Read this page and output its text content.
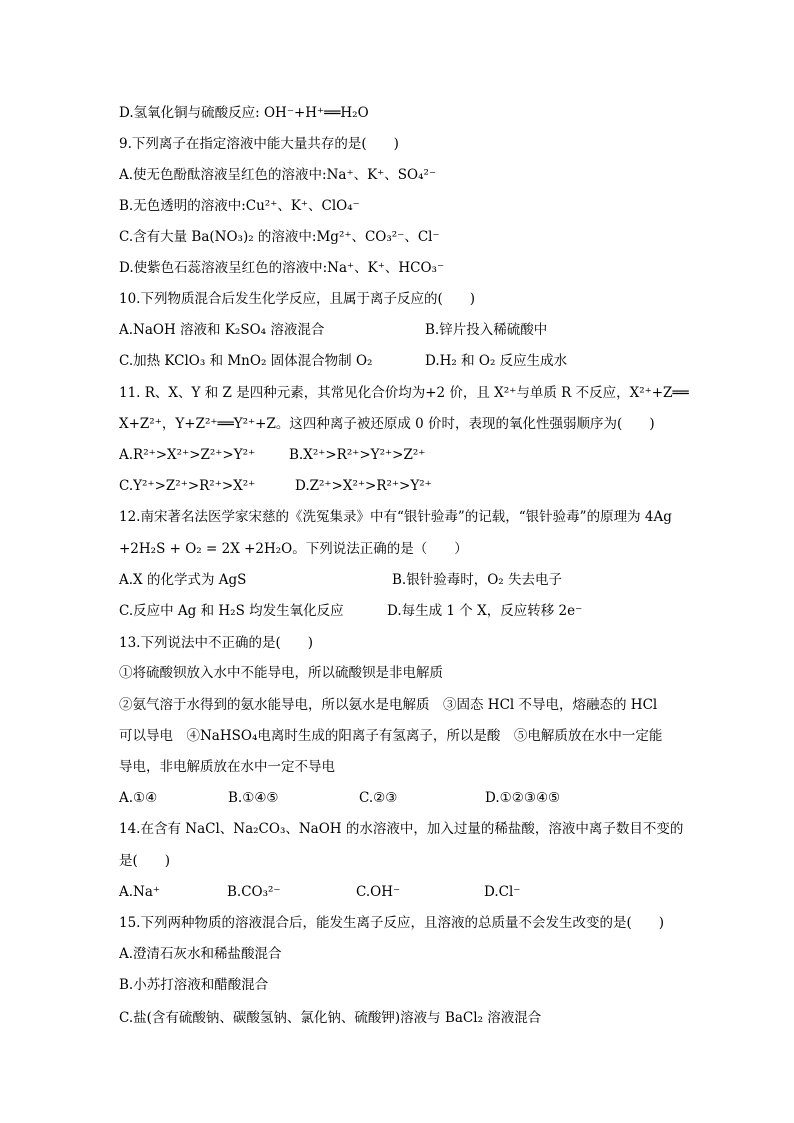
D.氢氧化铜与硫酸反应: OH⁻+H⁺══H₂O
9.下列离子在指定溶液中能大量共存的是(　　)
A.使无色酚酞溶液呈红色的溶液中:Na⁺、K⁺、SO₄²⁻
B.无色透明的溶液中:Cu²⁺、K⁺、ClO₄⁻
C.含有大量 Ba(NO₃)₂ 的溶液中:Mg²⁺、CO₃²⁻、Cl⁻
D.使紫色石蕊溶液呈红色的溶液中:Na⁺、K⁺、HCO₃⁻
10.下列物质混合后发生化学反应，且属于离子反应的(　　)
A.NaOH 溶液和 K₂SO₄ 溶液混合	B.锌片投入稀硫酸中
C.加热 KClO₃ 和 MnO₂ 固体混合物制 O₂	D.H₂ 和 O₂ 反应生成水
11. R、X、Y 和 Z 是四种元素，其常见化合价均为+2 价，且 X²⁺与单质 R 不反应，X²⁺+Z══
X+Z²⁺，Y+Z²⁺══Y²⁺+Z。这四种离子被还原成 0 价时，表现的氧化性强弱顺序为(　　)
A.R²⁺>X²⁺>Z²⁺>Y²⁺	B.X²⁺>R²⁺>Y²⁺>Z²⁺
C.Y²⁺>Z²⁺>R²⁺>X²⁺	D.Z²⁺>X²⁺>R²⁺>Y²⁺
12.南宋著名法医学家宋慈的《洗冤集录》中有“银针验毒”的记载，“银针验毒”的原理为 4Ag
+2H₂S + O₂ = 2X +2H₂O。下列说法正确的是（　　）
A.X 的化学式为 AgS	B.银针验毒时，O₂ 失去电子
C.反应中 Ag 和 H₂S 均发生氧化反应	D.每生成 1 个 X，反应转移 2e⁻
13.下列说法中不正确的是(　　)
①将硫酸钡放入水中不能导电，所以硫酸钡是非电解质
②氨气溶于水得到的氨水能导电，所以氨水是电解质　③固态 HCl 不导电，熔融态的 HCl
可以导电　④NaHSO₄电离时生成的阳离子有氢离子，所以是酸　⑤电解质放在水中一定能
导电，非电解质放在水中一定不导电
A.①④	B.①④⑤	C.②③	D.①②③④⑤
14.在含有 NaCl、Na₂CO₃、NaOH 的水溶液中，加入过量的稀盐酸，溶液中离子数目不变的
是(　　)
A.Na⁺	B.CO₃²⁻	C.OH⁻	D.Cl⁻
15.下列两种物质的溶液混合后，能发生离子反应，且溶液的总质量不会发生改变的是(　　)
A.澄清石灰水和稀盐酸混合
B.小苏打溶液和醋酸混合
C.盐(含有硫酸钠、碳酸氢钠、氯化钠、硫酸钾)溶液与 BaCl₂ 溶液混合
